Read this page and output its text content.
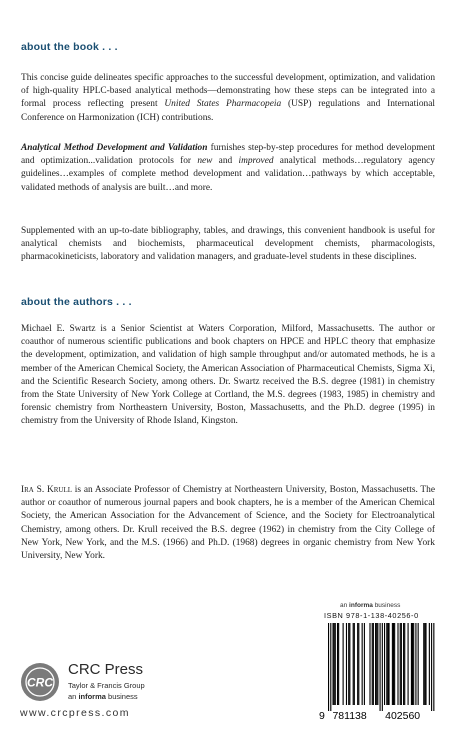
about the book . . .

This concise guide delineates specific approaches to the successful development, optimization, and validation of high-quality HPLC-based analytical methods—demonstrating how these steps can be integrated into a formal process reflecting present United States Pharmacopeia (USP) regulations and International Conference on Harmonization (ICH) contributions.

Analytical Method Development and Validation furnishes step-by-step procedures for method development and optimization...validation protocols for new and improved analytical methods…regulatory agency guidelines…examples of complete method development and validation…pathways by which acceptable, validated methods of analysis are built…and more.

Supplemented with an up-to-date bibliography, tables, and drawings, this convenient handbook is useful for analytical chemists and biochemists, pharmaceutical development chemists, pharmacologists, pharmacokineticists, laboratory and validation managers, and graduate-level students in these disciplines.

about the authors . . .

Michael E. Swartz is a Senior Scientist at Waters Corporation, Milford, Massachusetts. The author or coauthor of numerous scientific publications and book chapters on HPCE and HPLC theory that emphasize the development, optimization, and validation of high sample throughput and/or automated methods, he is a member of the American Chemical Society, the American Association of Pharmaceutical Chemists, Sigma Xi, and the Scientific Research Society, among others. Dr. Swartz received the B.S. degree (1981) in chemistry from the State University of New York College at Cortland, the M.S. degrees (1983, 1985) in chemistry and forensic chemistry from Northeastern University, Boston, Massachusetts, and the Ph.D. degree (1995) in chemistry from the University of Rhode Island, Kingston.

Ira S. Krull is an Associate Professor of Chemistry at Northeastern University, Boston, Massachusetts. The author or coauthor of numerous journal papers and book chapters, he is a member of the American Chemical Society, the American Association for the Advancement of Science, and the Society for Electroanalytical Chemistry, among others. Dr. Krull received the B.S. degree (1962) in chemistry from the City College of New York, New York, and the M.S. (1966) and Ph.D. (1968) degrees in organic chemistry from New York University, New York.

an informa business
ISBN 978-1-138-40256-0
9 781138 402560
CRC
CRC Press
Taylor & Francis Group
an informa business
www.crcpress.com
